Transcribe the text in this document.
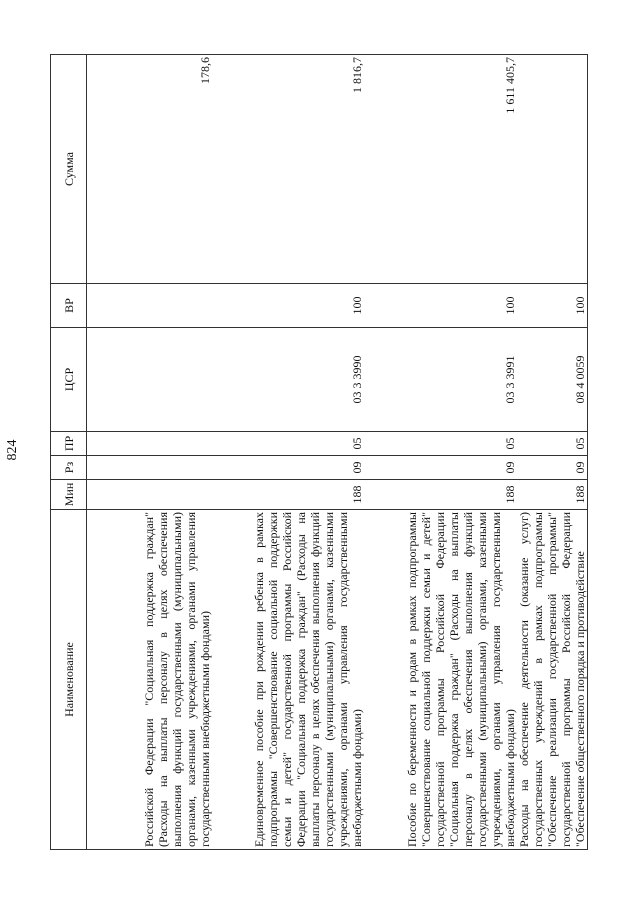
824
Наименование	Мин	Рз	ПР	ЦСР	ВР	Сумма
Российской Федерации "Социальная поддержка граждан" (Расходы на выплаты персоналу в целях обеспечения выполнения функций государственными (муниципальными) органами, казенными учреждениями, органами управления государственными внебюджетными фондами)						178,6
Единовременное пособие при рождении ребенка в рамках подпрограммы "Совершенствование социальной поддержки семьи и детей" государственной программы Российской Федерации "Социальная поддержка граждан" (Расходы на выплаты персоналу в целях обеспечения выполнения функций государственными (муниципальными) органами, казенными учреждениями, органами управления государственными внебюджетными фондами)	188	09	05	03 3 3990	100	1 816,7
Пособие по беременности и родам в рамках подпрограммы "Совершенствование социальной поддержки семьи и детей" государственной программы Российской Федерации "Социальная поддержка граждан" (Расходы на выплаты персоналу в целях обеспечения выполнения функций государственными (муниципальными) органами, казенными учреждениями, органами управления государственными внебюджетными фондами)	188	09	05	03 3 3991	100	1 611 405,7
Расходы на обеспечение деятельности (оказание услуг) государственных учреждений в рамках подпрограммы "Обеспечение реализации государственной программы" государственной программы Российской Федерации "Обеспечение общественного порядка и противодействие	188	09	05	08 4 0059	100	
